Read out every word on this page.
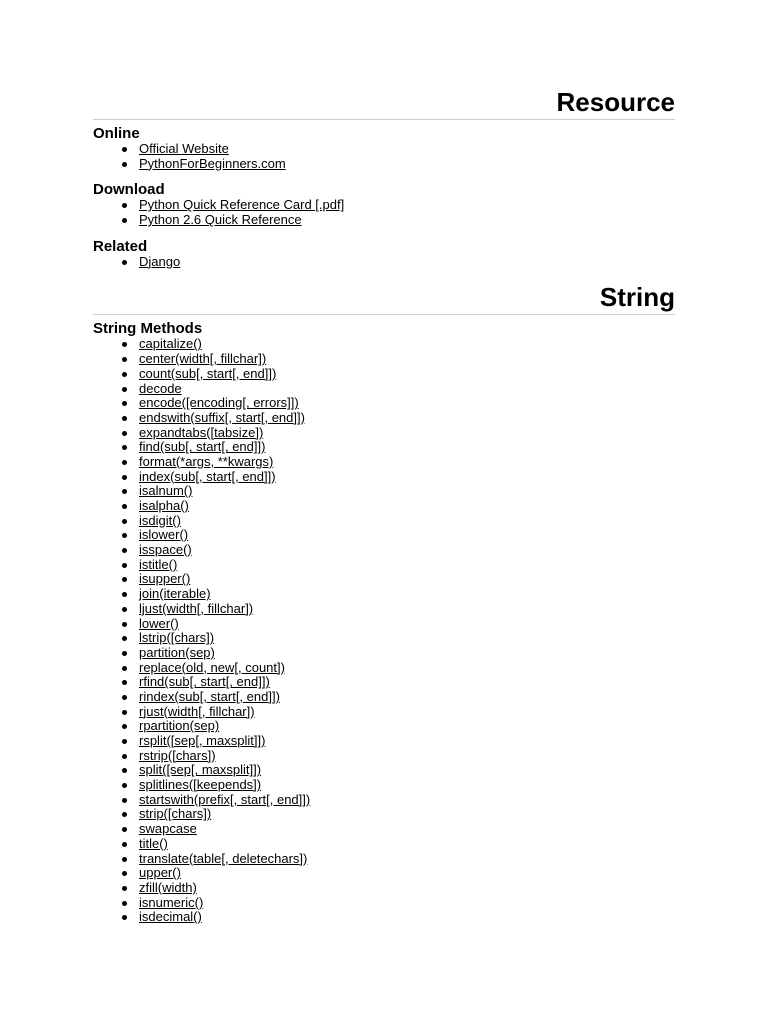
Resource
Online
Official Website
PythonForBeginners.com
Download
Python Quick Reference Card [.pdf]
Python 2.6 Quick Reference
Related
Django
String
String Methods
capitalize()
center(width[, fillchar])
count(sub[, start[, end]])
decode
encode([encoding[, errors]])
endswith(suffix[, start[, end]])
expandtabs([tabsize])
find(sub[, start[, end]])
format(*args, **kwargs)
index(sub[, start[, end]])
isalnum()
isalpha()
isdigit()
islower()
isspace()
istitle()
isupper()
join(iterable)
ljust(width[, fillchar])
lower()
lstrip([chars])
partition(sep)
replace(old, new[, count])
rfind(sub[, start[, end]])
rindex(sub[, start[, end]])
rjust(width[, fillchar])
rpartition(sep)
rsplit([sep[, maxsplit]])
rstrip([chars])
split([sep[, maxsplit]])
splitlines([keepends])
startswith(prefix[, start[, end]])
strip([chars])
swapcase
title()
translate(table[, deletechars])
upper()
zfill(width)
isnumeric()
isdecimal()
